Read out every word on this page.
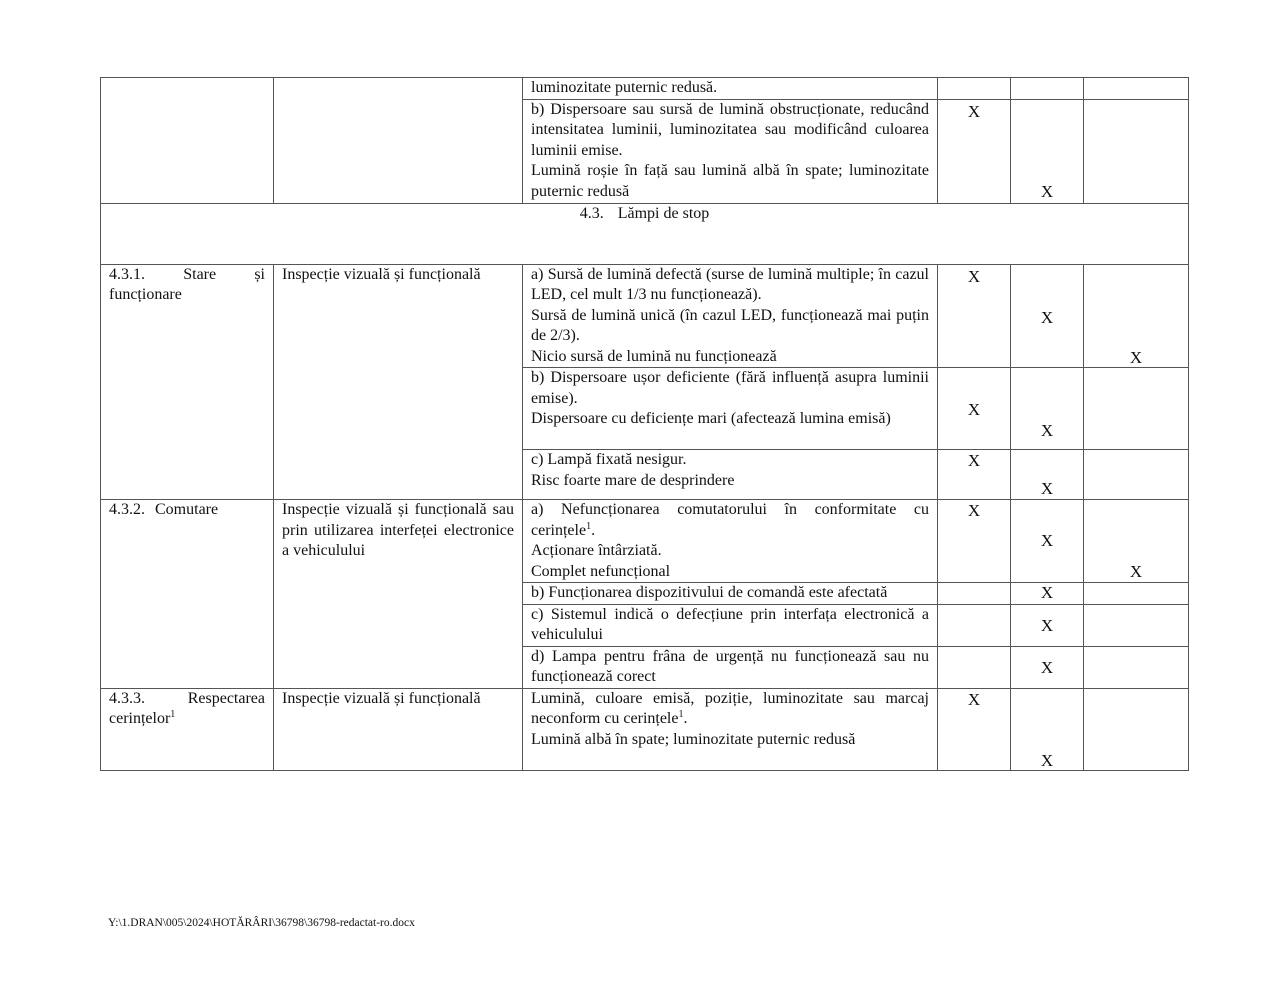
		luminozitate puternic redusă.			

		b) Dispersoare sau sursă de lumină obstrucționate, reducând intensitatea luminii, luminozitatea sau modificând culoarea luminii emise.
Lumină roșie în față sau lumină albă în spate; luminozitate puternic redusă	X	X	

4.3. Lămpi de stop					
4.3.1. Stare și funcționare	Inspecție vizuală și funcțională	a) Sursă de lumină defectă (surse de lumină multiple; în cazul LED, cel mult 1/3 nu funcționează).
Sursă de lumină unică (în cazul LED, funcționează mai puțin de 2/3).
Nicio sursă de lumină nu funcționează	X	X	X

		b) Dispersoare ușor deficiente (fără influență asupra luminii emise).
Dispersoare cu deficiențe mari (afectează lumina emisă)	X	X	

		c) Lampă fixată nesigur.
Risc foarte mare de desprindere	X	X	

4.3.2. Comutare	Inspecție vizuală și funcțională sau prin utilizarea interfeței electronice a vehiculului	a) Nefuncționarea comutatorului în conformitate cu cerințele$^1$.
Acționare întârziată.
Complet nefuncțional	X	X	X

		b) Funcționarea dispozitivului de comandă este afectată		X	

		c) Sistemul indică o defecțiune prin interfața electronică a vehiculului		X	

		d) Lampa pentru frâna de urgență nu funcționează sau nu funcționează corect		X	

4.3.3. Respectarea cerințelor$^1$	Inspecție vizuală și funcțională	Lumină, culoare emisă, poziție, luminozitate sau marcaj neconform cu cerințele$^1$.
Lumină albă în spate; luminozitate puternic redusă	X	X	

Y:\1.DRAN\005\2024\HOTĂRÂRI\36798\36798-redactat-ro.docx
